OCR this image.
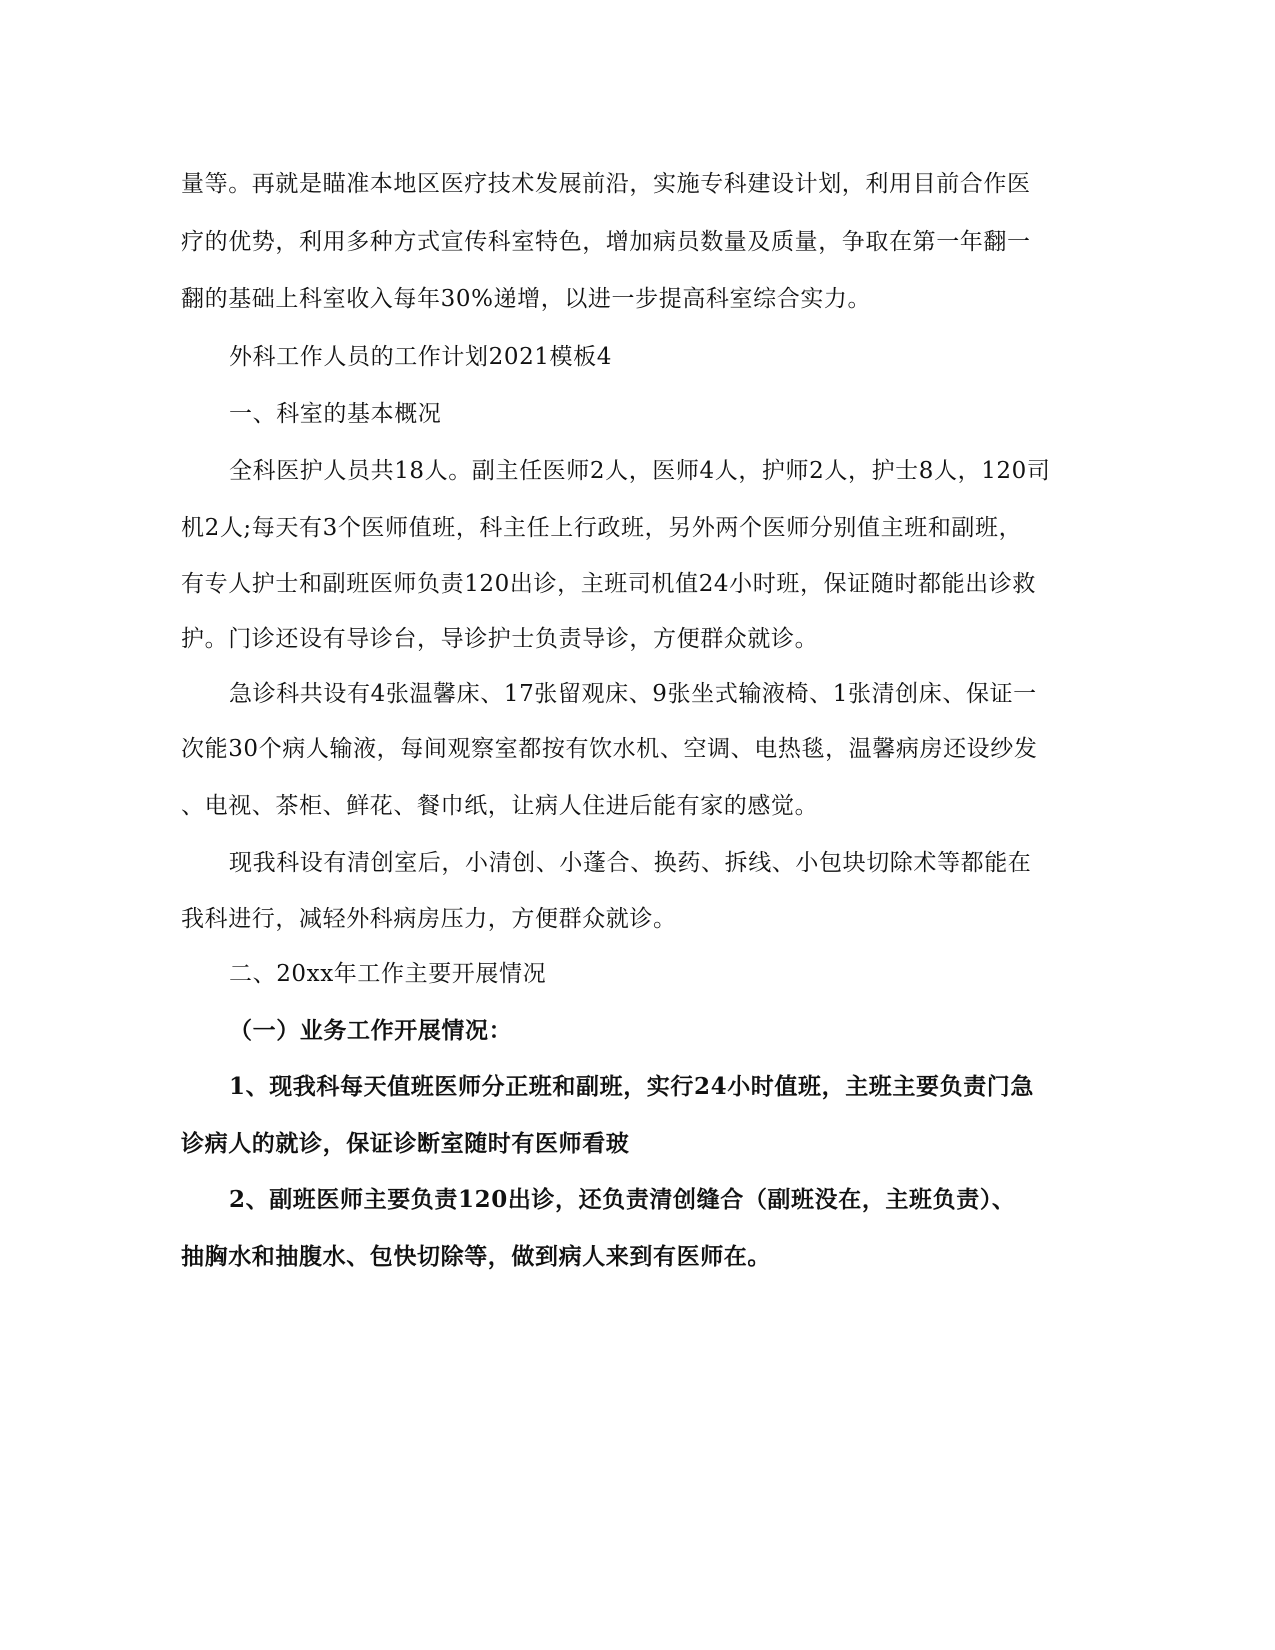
量等。再就是瞄准本地区医疗技术发展前沿，实施专科建设计划，利用目前合作医
疗的优势，利用多种方式宣传科室特色，增加病员数量及质量，争取在第一年翻一
翻的基础上科室收入每年30%递增，以进一步提高科室综合实力。
外科工作人员的工作计划2021模板4
一、科室的基本概况
全科医护人员共18人。副主任医师2人，医师4人，护师2人，护士8人，120司
机2人;每天有3个医师值班，科主任上行政班，另外两个医师分别值主班和副班，
有专人护士和副班医师负责120出诊，主班司机值24小时班，保证随时都能出诊救
护。门诊还设有导诊台，导诊护士负责导诊，方便群众就诊。
急诊科共设有4张温馨床、17张留观床、9张坐式输液椅、1张清创床、保证一
次能30个病人输液，每间观察室都按有饮水机、空调、电热毯，温馨病房还设纱发
、电视、茶柜、鲜花、餐巾纸，让病人住进后能有家的感觉。
现我科设有清创室后，小清创、小蓬合、换药、拆线、小包块切除术等都能在
我科进行，减轻外科病房压力，方便群众就诊。
二、20xx年工作主要开展情况
（一）业务工作开展情况：
1、现我科每天值班医师分正班和副班，实行24小时值班，主班主要负责门急
诊病人的就诊，保证诊断室随时有医师看玻
2、副班医师主要负责120出诊，还负责清创缝合（副班没在，主班负责）、
抽胸水和抽腹水、包快切除等，做到病人来到有医师在。
